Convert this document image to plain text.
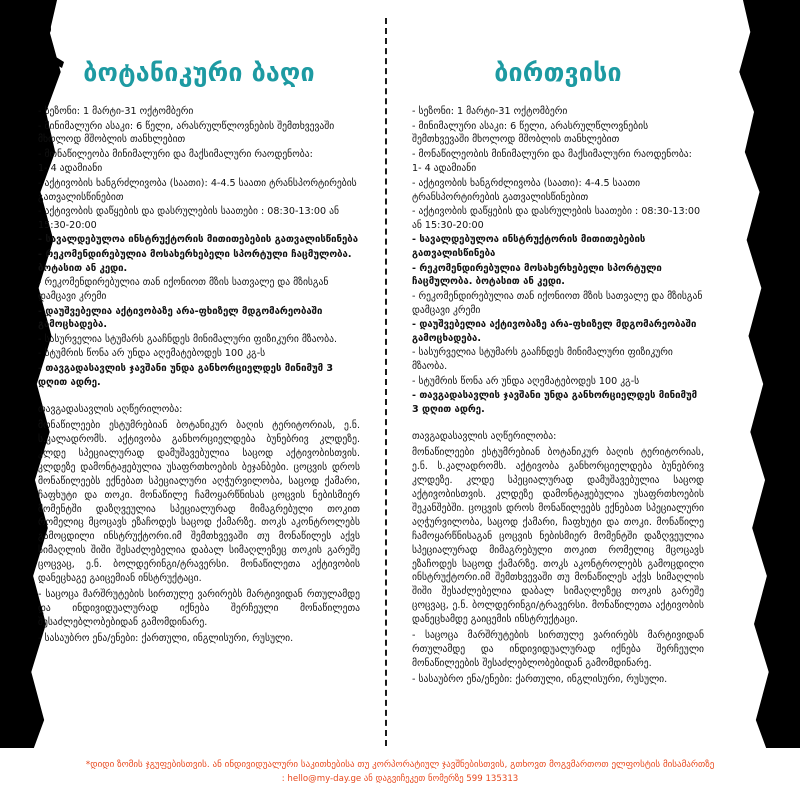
ბოტანიკური ბაღი

- სეზონი: 1 მარტი-31 ოქტომბერი

- მინიმალური ასაკი: 6 წელი, არასრულწლოვნების შემთხვევაში მხოლოდ მშობლის თანხლებით

- მონაწილეობა მინიმალური და მაქსიმალური რაოდენობა:

1- 4 ადამიანი

- აქტივობის ხანგრძლივობა (საათი): 4-4.5 საათი ტრანსპორტირების გათვალისწინებით

- აქტივობის დაწყების და დასრულების საათები : 08:30-13:00 ან 15:30-20:00

- სავალდებულოა ინსტრუქტორის მითითებების გათვალისწინება

- რეკომენდირებულია მოსახერხებელი სპორტული ჩაცმულობა. ბოტასით ან კედი.

- რეკომენდირებულია თან იქონიოთ მზის სათვალე და მზისგან დამცავი კრემი

- დაუშვებელია აქტივობაზე არა-ფხიზელ მდგომარეობაში გამოცხადება.

- სასურველია სტუმარს გააჩნდეს მინიმალური ფიზიკური მზაობა.

- სტუმრის წონა არ უნდა აღემატებოდეს 100 კგ-ს

- თავგადასავლის ჯავშანი უნდა განხორციელდეს მინიმუმ 3 დღით ადრე.

თავგადასავლის აღწერილობა:

მონაწილეები ესტუმრებიან ბოტანიკურ ბაღის ტერიტორიას, ე.ნ. ს.კალადრომს. აქტივობა განხორციელდება ბუნებრივ კლდეზე. კლდე სპეციალურად დამუშავებულია საცოდ აქტივობისთვის. კლდეზე დამონტაჟებულია უსაფრთხოების ბეჯანბები. ცოცვის დროს მონაწილეებს ექნებათ სპეციალური აღჭურვილობა, საცოდ ქამარი, ჩაფხუტი და თოკი. მონაწილე ჩამოყარწნისას ცოცვის ნებისმიერ მომენტში დაზღვეულია სპეციალურად მიმაგრებული თოკით რომელიც მცოცავს ეზაჩოდეს საცოდ ქამარზე. თოკს აკონტროლებს გამოცდილი ინსტრუქტორი.იმ შემთხვევაში თუ მონაწილეს აქვს სიმაღლის შიში შესაძლებელია დაბალ სიმაღლეზეც თოკის გარეშე ცოცვაც, ე.ნ. ბოლდერინგი/ტრავერსი. მონაწილეთა აქტივობის დანეცხაგე გაიცემიან ინსტრუქტაცი.

- საცოცა მარშრუტების სირთულე ვარირებს მარტივიდან რთულამდე და ინდივიდუალურად იქნება შერჩეული მონაწილეთა შესაძლებლობებიდან გამომდინარე.

- სასაუბრო ენა/ენები: ქართული, ინგლისური, რუსული.

ბირთვისი

- სეზონი: 1 მარტი-31 ოქტომბერი

- მინიმალური ასაკი: 6 წელი, არასრულწლოვნების შემთხვევაში მხოლოდ მშობლის თანხლებით

- მონაწილეობის მინიმალური და მაქსიმალური რაოდენობა:

1- 4 ადამიანი

- აქტივობის ხანგრძლივობა (საათი): 4-4.5 საათი ტრანსპორტირების გათვალისწინებით

- აქტივობის დაწყების და დასრულების საათები : 08:30-13:00 ან 15:30-20:00

- სავალდებულოა ინსტრუქტორის მითითებების გათვალისწინება

- რეკომენდირებულია მოსახერხებელი სპორტული ჩაცმულობა. ბოტასით ან კედი.

- რეკომენდირებულია თან იქონიოთ მზის სათვალე და მზისგან დამცავი კრემი

- დაუშვებელია აქტივობაზე არა-ფხიზელ მდგომარეობაში გამოცხადება.

- სასურველია სტუმარს გააჩნდეს მინიმალური ფიზიკური მზაობა.

- სტუმრის წონა არ უნდა აღემატებოდეს 100 კგ-ს

- თავგადასავლის ჯავშანი უნდა განხორციელდეს მინიმუმ 3 დღით ადრე.

თავგადასავლის აღწერილობა:

მონაწილეები ესტუმრებიან ბოტანიკურ ბაღის ტერიტორიას, ე.ნ. ს.კალადრომს. აქტივობა განხორციელდება ბუნებრივ კლდეზე. კლდე სპეციალურად დამუშავებულია საცოდ აქტივობისთვის. კლდეზე დამონტაჟებულია უსაფრთხოების შეკანშებში. ცოცვის დროს მონაწილეებს ექნებათ სპეციალური აღჭურვილობა, საცოდ ქამარი, ჩაფხუტი და თოკი. მონაწილე ჩამოყარწნისაგან ცოცვის ნებისმიერ მომენტში დაზღვეულია სპეციალურად მიმაგრებული თოკით რომელიც მცოცავს ეზაჩოდეს საცოდ ქამარზე. თოკს აკონტროლებს გამოცდილი ინსტრუქტორი.იმ შემთხვევაში თუ მონაწილეს აქვს სიმაღლის შიში შესაძლებელია დაბალ სიმაღლეზეც თოკის გარეშე ცოცვაც, ე.ნ. ბოლდერინგი/ტრავერსი. მონაწილეთა აქტივობის დანეცხამდე გაიცემის ინსტრუქტაცი.

- საცოცა მარშრუტების სირთულე ვარირებს მარტივიდან რთულამდე და ინდივიდუალურად იქნება შერჩეული მონაწილეების შესაძლებლობებიდან გამომდინარე.

- სასაუბრო ენა/ენები: ქართული, ინგლისური, რუსული.

*დიდი ზომის ჯგუფებისთვის. ან ინდივიდუალური საკითხებისა თუ კორპორატიულ ჯავშნებისთვის, გთხოვთ მოგვმართოთ ელფოსტის მისამართზე
: hello@my-day.ge ან დაგვიჩეკეთ ნომერზე 599 135313
